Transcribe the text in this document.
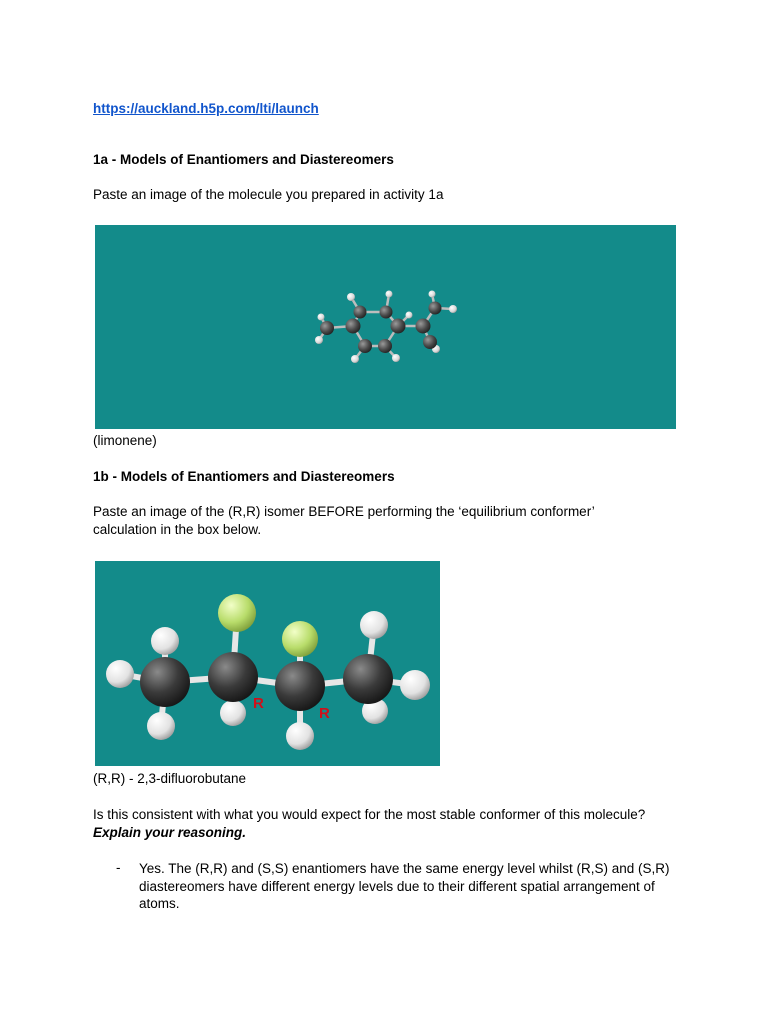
https://auckland.h5p.com/lti/launch
1a - Models of Enantiomers and Diastereomers
Paste an image of the molecule you prepared in activity 1a
(limonene)
1b - Models of Enantiomers and Diastereomers
Paste an image of the (R,R) isomer BEFORE performing the ‘equilibrium conformer’ calculation in the box below.
R
R
(R,R) - 2,3-difluorobutane
Is this consistent with what you would expect for the most stable conformer of this molecule?
Explain your reasoning.
- Yes. The (R,R) and (S,S) enantiomers have the same energy level whilst (R,S) and (S,R) diastereomers have different energy levels due to their different spatial arrangement of atoms.
